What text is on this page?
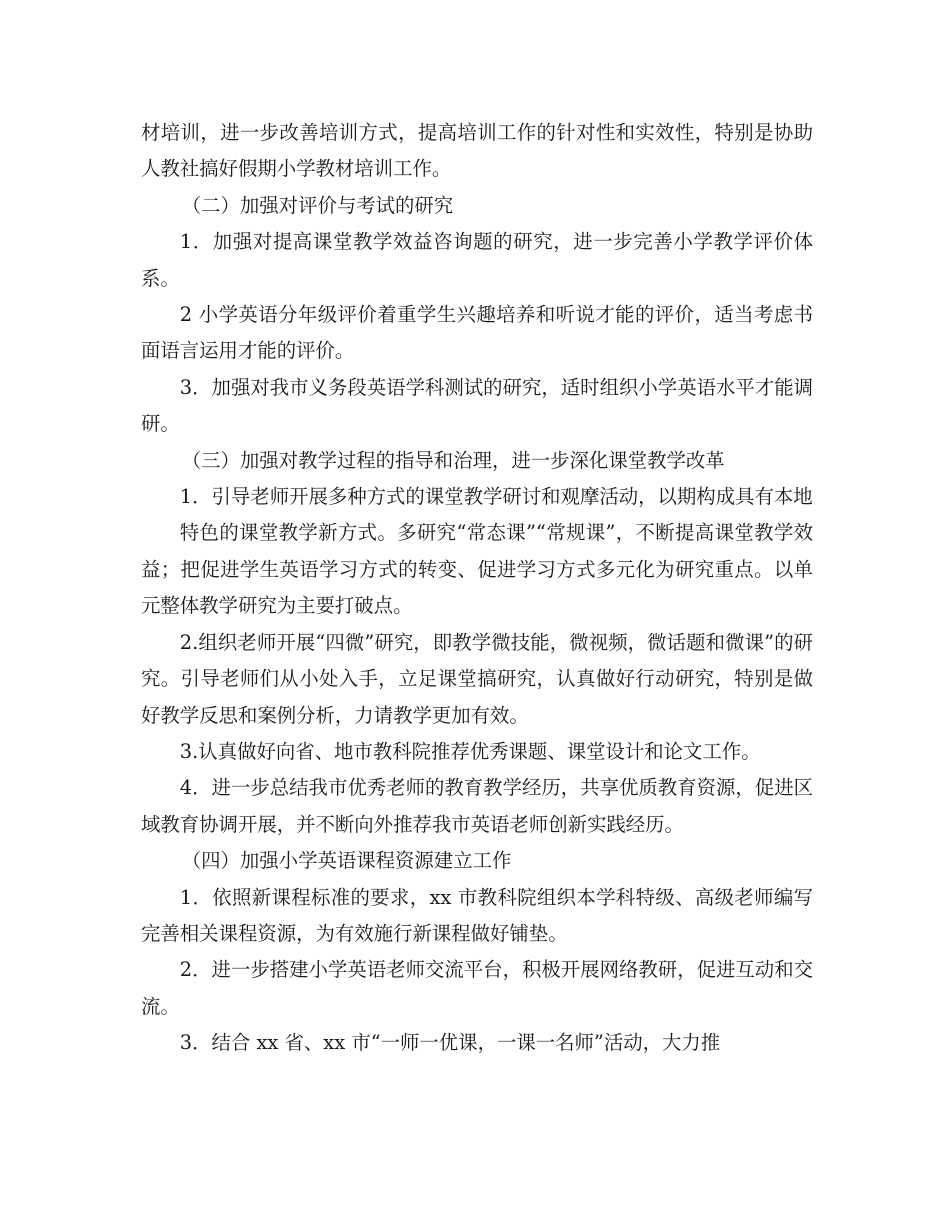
材培训，进一步改善培训方式，提高培训工作的针对性和实效性，特别是协助人教社搞好假期小学教材培训工作。

（二）加强对评价与考试的研究

1．加强对提高课堂教学效益咨询题的研究，进一步完善小学教学评价体系。

2 小学英语分年级评价着重学生兴趣培养和听说才能的评价，适当考虑书面语言运用才能的评价。

3．加强对我市义务段英语学科测试的研究，适时组织小学英语水平才能调研。

（三）加强对教学过程的指导和治理，进一步深化课堂教学改革

1．引导老师开展多种方式的课堂教学研讨和观摩活动，以期构成具有本地

特色的课堂教学新方式。多研究“常态课”“常规课”，不断提高课堂教学效益；把促进学生英语学习方式的转变、促进学习方式多元化为研究重点。以单元整体教学研究为主要打破点。

2.组织老师开展“四微”研究，即教学微技能，微视频，微话题和微课”的研究。引导老师们从小处入手，立足课堂搞研究，认真做好行动研究，特别是做好教学反思和案例分析，力请教学更加有效。

3.认真做好向省、地市教科院推荐优秀课题、课堂设计和论文工作。

4．进一步总结我市优秀老师的教育教学经历，共享优质教育资源，促进区域教育协调开展，并不断向外推荐我市英语老师创新实践经历。

（四）加强小学英语课程资源建立工作

1．依照新课程标准的要求，xx 市教科院组织本学科特级、高级老师编写完善相关课程资源，为有效施行新课程做好铺垫。

2．进一步搭建小学英语老师交流平台，积极开展网络教研，促进互动和交流。

3．结合 xx 省、xx 市“一师一优课，一课一名师”活动，大力推
